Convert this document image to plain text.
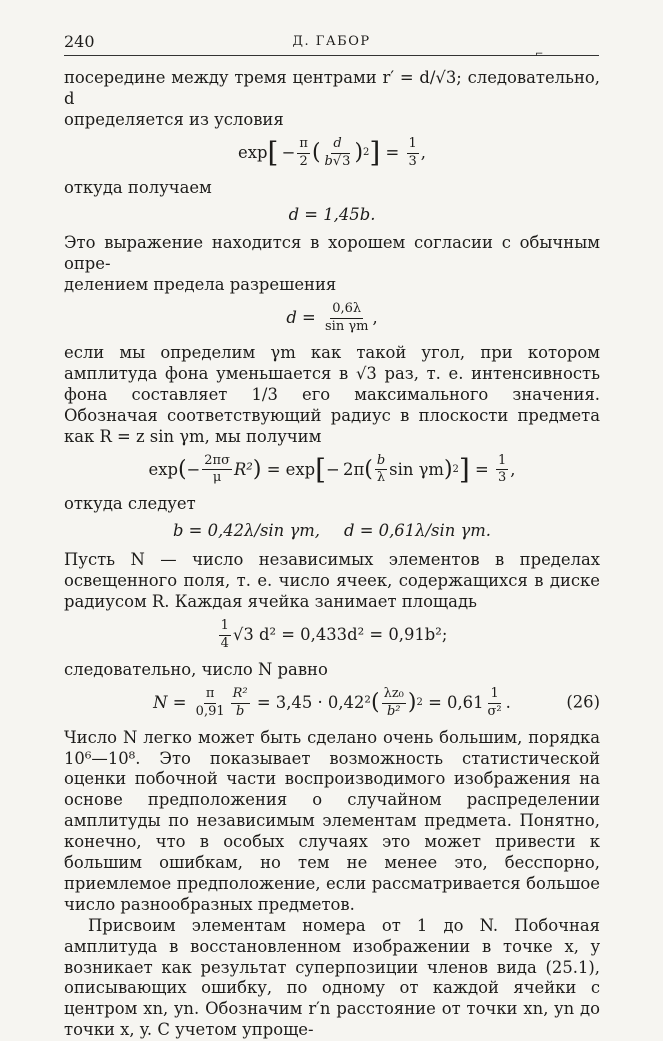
240	Д. ГАБОР
⌐

посередине между тремя центрами r′ = d/√3; следовательно, d
определяется из условия

exp [  − $\frac{\pi}{2}$ ( $\frac{d}{b√3}$ ) 2 ] = $\frac{1}{3}$ ,

откуда получаем

d = 1,45b.

Это выражение находится в хорошем согласии с обычным опре-
делением предела разрешения

d =
$\frac{0,6\lambda}{\text{sin γm}}$ ,

если мы определим γm как такой угол, при котором амплитуда фона уменьшается в √3 раз, т. е. интенсивность фона составляет 1/3 его максимального значения. Обозначая соответствующий радиус в плоскости предмета как R = z sin γm, мы получим

exp ( − $\frac{2\pi\sigma}{\mu} R^2$ )
= exp [ −  2π ( $\frac{b}{\lambda}$ sin γm ) 2 ] = $\frac{1}{3}$ ,

откуда следует

b = 0,42λ/sin γm, d = 0,61λ/sin γm.

Пусть N — число независимых элементов в пределах освещенного поля, т. е. число ячеек, содержащихся в диске радиусом R. Каждая ячейка занимает площадь

$\frac{1}{4} √3$ d² = 0,433d² = 0,91b²;

следовательно, число N равно

N =
$\frac{\pi}{0,91} \frac{\text{R²}}{b}$
= 3,45 · 0,42² ( $\frac{\text{λz₀}}{\text{b²}}$ ) 2
= $0,61 \frac{1}{\text{σ²}}$ .	(26)

Число N легко может быть сделано очень большим, порядка 10⁶—10⁸. Это показывает возможность статистической оценки побочной части воспроизводимого изображения на основе предположения о случайном распределении амплитуды по независимым элементам предмета. Понятно, конечно, что в особых случаях это может привести к большим ошибкам, но тем не менее это, бесспорно, приемлемое предположение, если рассматривается большое число разнообразных предметов.

Присвоим элементам номера от 1 до N. Побочная амплитуда в восстановленном изображении в точке x, y возникает как результат суперпозиции членов вида (25.1), описывающих ошибку, по одному от каждой ячейки с центром xn, yn. Обозначим r′n расстояние от точки xn, yn до точки x, y. С учетом упроще-
